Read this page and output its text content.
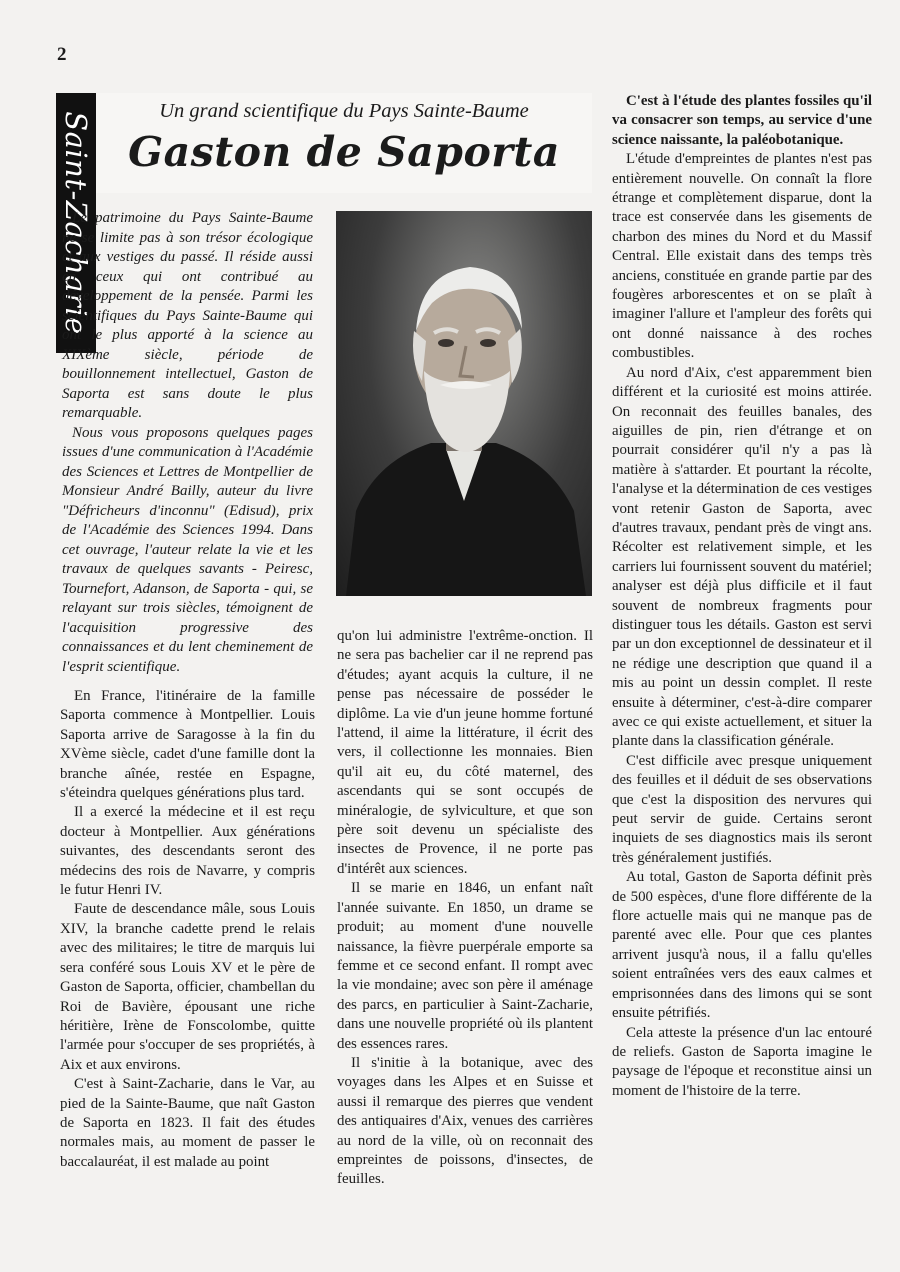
2
Saint-Zacharie
Un grand scientifique du Pays Sainte-Baume
Gaston de Saporta

Le patrimoine du Pays Sainte-Baume ne se limite pas à son trésor écologique et aux vestiges du passé. Il réside aussi en ceux qui ont contribué au développement de la pensée. Parmi les scientifiques du Pays Sainte-Baume qui ont le plus apporté à la science au XIXème siècle, période de bouillonnement intellectuel, Gaston de Saporta est sans doute le plus remarquable.

Nous vous proposons quelques pages issues d'une communication à l'Académie des Sciences et Lettres de Montpellier de Monsieur André Bailly, auteur du livre "Défricheurs d'inconnu" (Edisud), prix de l'Académie des Sciences 1994. Dans cet ouvrage, l'auteur relate la vie et les travaux de quelques savants - Peiresc, Tournefort, Adanson, de Saporta - qui, se relayant sur trois siècles, témoignent de l'acquisition progressive des connaissances et du lent cheminement de l'esprit scientifique.

En France, l'itinéraire de la famille Saporta commence à Montpellier. Louis Saporta arrive de Saragosse à la fin du XVème siècle, cadet d'une famille dont la branche aînée, restée en Espagne, s'éteindra quelques générations plus tard.

Il a exercé la médecine et il est reçu docteur à Montpellier. Aux générations suivantes, des descendants seront des médecins des rois de Navarre, y compris le futur Henri IV.

Faute de descendance mâle, sous Louis XIV, la branche cadette prend le relais avec des militaires; le titre de marquis lui sera conféré sous Louis XV et le père de Gaston de Saporta, officier, chambellan du Roi de Bavière, épousant une riche héritière, Irène de Fonscolombe, quitte l'armée pour s'occuper de ses propriétés, à Aix et aux environs.

C'est à Saint-Zacharie, dans le Var, au pied de la Sainte-Baume, que naît Gaston de Saporta en 1823. Il fait des études normales mais, au moment de passer le baccalauréat, il est malade au point

qu'on lui administre l'extrême-onction. Il ne sera pas bachelier car il ne reprend pas d'études; ayant acquis la culture, il ne pense pas nécessaire de posséder le diplôme. La vie d'un jeune homme fortuné l'attend, il aime la littérature, il écrit des vers, il collectionne les monnaies. Bien qu'il ait eu, du côté maternel, des ascendants qui se sont occupés de minéralogie, de sylviculture, et que son père soit devenu un spécialiste des insectes de Provence, il ne porte pas d'intérêt aux sciences.

Il se marie en 1846, un enfant naît l'année suivante. En 1850, un drame se produit; au moment d'une nouvelle naissance, la fièvre puerpérale emporte sa femme et ce second enfant. Il rompt avec la vie mondaine; avec son père il aménage des parcs, en particulier à Saint-Zacharie, dans une nouvelle propriété où ils plantent des essences rares.

Il s'initie à la botanique, avec des voyages dans les Alpes et en Suisse et aussi il remarque des pierres que vendent des antiquaires d'Aix, venues des carrières au nord de la ville, où on reconnait des empreintes de poissons, d'insectes, de feuilles.

C'est à l'étude des plantes fossiles qu'il va consacrer son temps, au service d'une science naissante, la paléobotanique.

L'étude d'empreintes de plantes n'est pas entièrement nouvelle. On connaît la flore étrange et complètement disparue, dont la trace est conservée dans les gisements de charbon des mines du Nord et du Massif Central. Elle existait dans des temps très anciens, constituée en grande partie par des fougères arborescentes et on se plaît à imaginer l'allure et l'ampleur des forêts qui ont donné naissance à des roches combustibles.

Au nord d'Aix, c'est apparemment bien différent et la curiosité est moins attirée. On reconnait des feuilles banales, des aiguilles de pin, rien d'étrange et on pourrait considérer qu'il n'y a pas là matière à s'attarder. Et pourtant la récolte, l'analyse et la détermination de ces vestiges vont retenir Gaston de Saporta, avec d'autres travaux, pendant près de vingt ans. Récolter est relativement simple, et les carriers lui fournissent souvent du matériel; analyser est déjà plus difficile et il faut souvent de nombreux fragments pour distinguer tous les détails. Gaston est servi par un don exceptionnel de dessinateur et il ne rédige une description que quand il a mis au point un dessin complet. Il reste ensuite à déterminer, c'est-à-dire comparer avec ce qui existe actuellement, et situer la plante dans la classification générale.

C'est difficile avec presque uniquement des feuilles et il déduit de ses observations que c'est la disposition des nervures qui peut servir de guide. Certains seront inquiets de ses diagnostics mais ils seront très généralement justifiés.

Au total, Gaston de Saporta définit près de 500 espèces, d'une flore différente de la flore actuelle mais qui ne manque pas de parenté avec elle. Pour que ces plantes arrivent jusqu'à nous, il a fallu qu'elles soient entraînées vers des eaux calmes et emprisonnées dans des limons qui se sont ensuite pétrifiés.

Cela atteste la présence d'un lac entouré de reliefs. Gaston de Saporta imagine le paysage de l'époque et reconstitue ainsi un moment de l'histoire de la terre.
